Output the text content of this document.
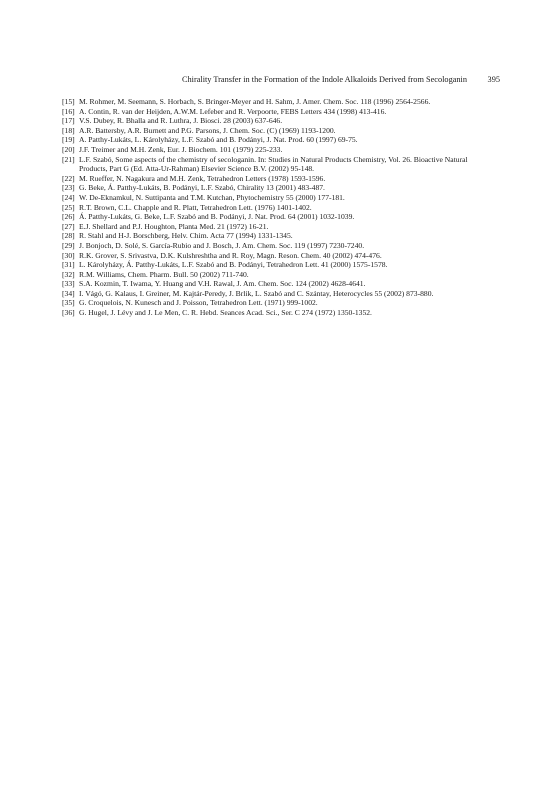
Chirality Transfer in the Formation of the Indole Alkaloids Derived from Secologanin 395
[15] M. Rohmer, M. Seemann, S. Horbach, S. Bringer-Meyer and H. Sahm, J. Amer. Chem. Soc. 118 (1996) 2564-2566.
[16] A. Contin, R. van der Heijden, A.W.M. Lefeber and R. Verpoorte, FEBS Letters 434 (1998) 413-416.
[17] V.S. Dubey, R. Bhalla and R. Luthra, J. Biosci. 28 (2003) 637-646.
[18] A.R. Battersby, A.R. Burnett and P.G. Parsons, J. Chem. Soc. (C) (1969) 1193-1200.
[19] A. Patthy-Lukáts, L. Károlyházy, L.F. Szabó and B. Podányi, J. Nat. Prod. 60 (1997) 69-75.
[20] J.F. Treimer and M.H. Zenk, Eur. J. Biochem. 101 (1979) 225-233.
[21] L.F. Szabó, Some aspects of the chemistry of secologanin. In: Studies in Natural Products Chemistry, Vol. 26. Bioactive Natural Products, Part G (Ed. Atta-Ur-Rahman) Elsevier Science B.V. (2002) 95-148.
[22] M. Rueffer, N. Nagakura and M.H. Zenk, Tetrahedron Letters (1978) 1593-1596.
[23] G. Beke, Á. Patthy-Lukáts, B. Podányi, L.F. Szabó, Chirality 13 (2001) 483-487.
[24] W. De-Eknamkul, N. Suttipanta and T.M. Kutchan, Phytochemistry 55 (2000) 177-181.
[25] R.T. Brown, C.L. Chapple and R. Platt, Tetrahedron Lett. (1976) 1401-1402.
[26] Á. Patthy-Lukáts, G. Beke, L.F. Szabó and B. Podányi, J. Nat. Prod. 64 (2001) 1032-1039.
[27] E.J. Shellard and P.J. Houghton, Planta Med. 21 (1972) 16-21.
[28] R. Stahl and H-J. Borschberg, Helv. Chim. Acta 77 (1994) 1331-1345.
[29] J. Bonjoch, D. Solé, S. García-Rubio and J. Bosch, J. Am. Chem. Soc. 119 (1997) 7230-7240.
[30] R.K. Grover, S. Srivastva, D.K. Kulshreshtha and R. Roy, Magn. Reson. Chem. 40 (2002) 474-476.
[31] L. Károlyházy, Á. Patthy-Lukáts, L.F. Szabó and B. Podányi, Tetrahedron Lett. 41 (2000) 1575-1578.
[32] R.M. Williams, Chem. Pharm. Bull. 50 (2002) 711-740.
[33] S.A. Kozmin, T. Iwama, Y. Huang and V.H. Rawal, J. Am. Chem. Soc. 124 (2002) 4628-4641.
[34] I. Vágó, G. Kalaus, I. Greiner, M. Kajtár-Peredy, J. Brlik, L. Szabó and C. Szántay, Heterocycles 55 (2002) 873-880.
[35] G. Croquelois, N. Kunesch and J. Poisson, Tetrahedron Lett. (1971) 999-1002.
[36] G. Hugel, J. Lévy and J. Le Men, C. R. Hebd. Seances Acad. Sci., Ser. C 274 (1972) 1350-1352.
